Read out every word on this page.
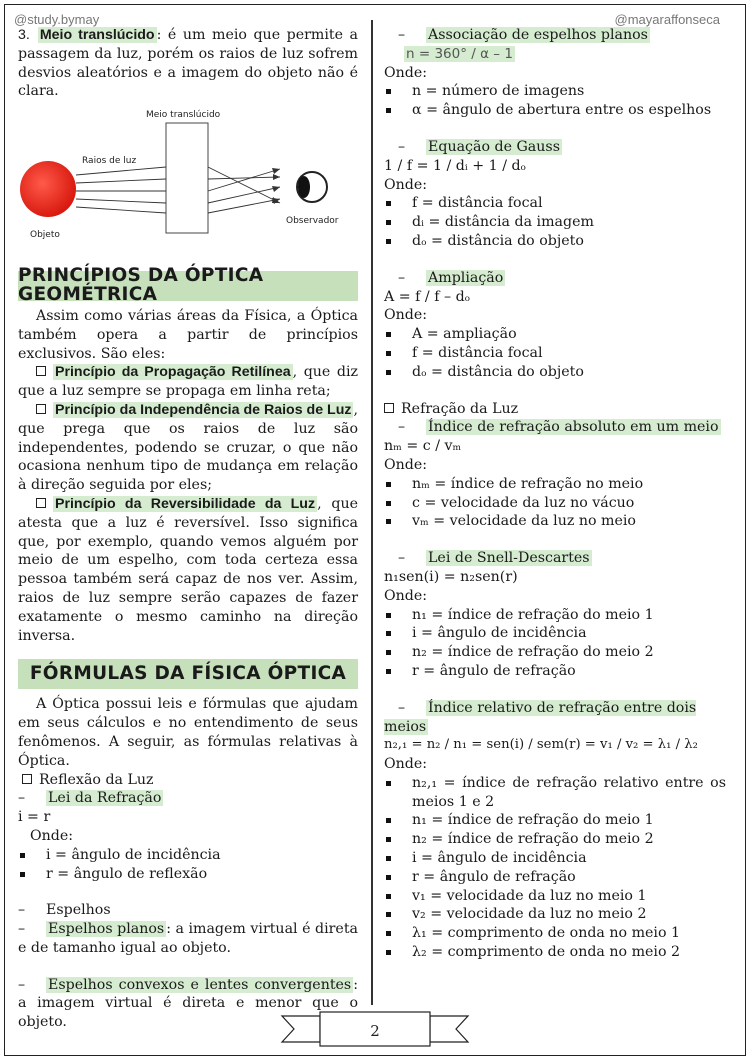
@study.bymay	@mayaraffonseca

3. Meio translúcido : é um meio que permite a passagem da luz, porém os raios de luz sofrem desvios aleatórios e a imagem do objeto não é clara.

Meio translúcido
Raios de luz
Objeto
Observador
PRINCÍPIOS DA ÓPTICA GEOMÉTRICA

Assim como várias áreas da Física, a Óptica também opera a partir de princípios exclusivos. São eles:

Princípio da Propagação Retilínea , que diz que a luz sempre se propaga em linha reta;

Princípio da Independência de Raios de Luz , que prega que os raios de luz são independentes, podendo se cruzar, o que não ocasiona nenhum tipo de mudança em relação à direção seguida por eles;

Princípio da Reversibilidade da Luz , que atesta que a luz é reversível. Isso significa que, por exemplo, quando vemos alguém por meio de um espelho, com toda certeza essa pessoa também será capaz de nos ver. Assim, raios de luz sempre serão capazes de fazer exatamente o mesmo caminho na direção inversa.

FÓRMULAS DA FÍSICA ÓPTICA

A Óptica possui leis e fórmulas que ajudam em seus cálculos e no entendimento de seus fenômenos. A seguir, as fórmulas relativas à Óptica.

Reflexão da Luz

– Lei da Refração

i = r

Onde:

i = ângulo de incidência

r = ângulo de reflexão

– Espelhos

– Espelhos planos : a imagem virtual é direta e de tamanho igual ao objeto.

– Espelhos convexos e lentes convergentes : a imagem virtual é direta e menor que o objeto.

– Associação de espelhos planos

n = 360° / α – 1

Onde:

n = número de imagens

α = ângulo de abertura entre os espelhos

– Equação de Gauss

1 / f = 1 / dᵢ + 1 / dₒ

Onde:

f = distância focal

dᵢ = distância da imagem

dₒ = distância do objeto

– Ampliação

A = f / f – dₒ

Onde:

A = ampliação

f = distância focal

dₒ = distância do objeto

Refração da Luz

– Índice de refração absoluto em um meio

nₘ = c / vₘ

Onde:

nₘ = índice de refração no meio

c = velocidade da luz no vácuo

vₘ = velocidade da luz no meio

– Lei de Snell-Descartes

n₁sen(i) = n₂sen(r)

Onde:

n₁ = índice de refração do meio 1

i = ângulo de incidência

n₂ = índice de refração do meio 2

r = ângulo de refração

– Índice relativo de refração entre dois meios

n₂,₁ = n₂ / n₁ = sen(i) / sem(r) = v₁ / v₂ = λ₁ / λ₂

Onde:

n₂,₁ = índice de refração relativo entre os meios 1 e 2

n₁ = índice de refração do meio 1

n₂ = índice de refração do meio 2

i = ângulo de incidência

r = ângulo de refração

v₁ = velocidade da luz no meio 1

v₂ = velocidade da luz no meio 2

λ₁ = comprimento de onda no meio 1

λ₂ = comprimento de onda no meio 2

2
